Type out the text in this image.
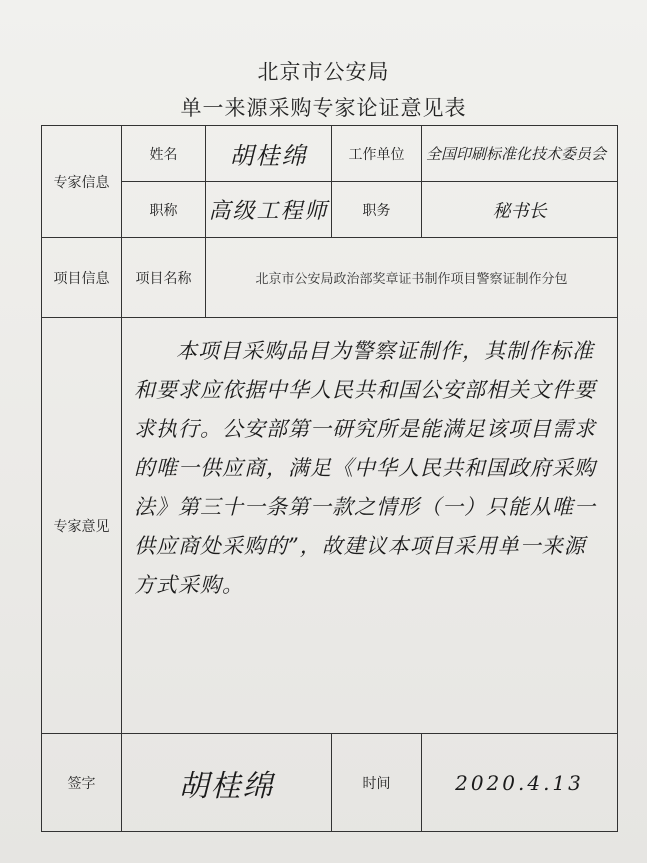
北京市公安局
单一来源采购专家论证意见表
专家信息	姓名	胡桂绵	工作单位	全国印刷标准化技术委员会

	职称	高级工程师	职务	秘书长
项目信息	项目名称	北京市公安局政治部奖章证书制作项目警察证制作分包		
专家意见	本项目采购品目为警察证制作，其制作标准和要求应依据中华人民共和国公安部相关文件要求执行。公安部第一研究所是能满足该项目需求的唯一供应商，满足《中华人民共和国政府采购法》第三十一条第一款之情形（一）只能从唯一供应商处采购的”，故建议本项目采用单一来源方式采购。			

签字	胡桂绵		时间	2020.4.13
